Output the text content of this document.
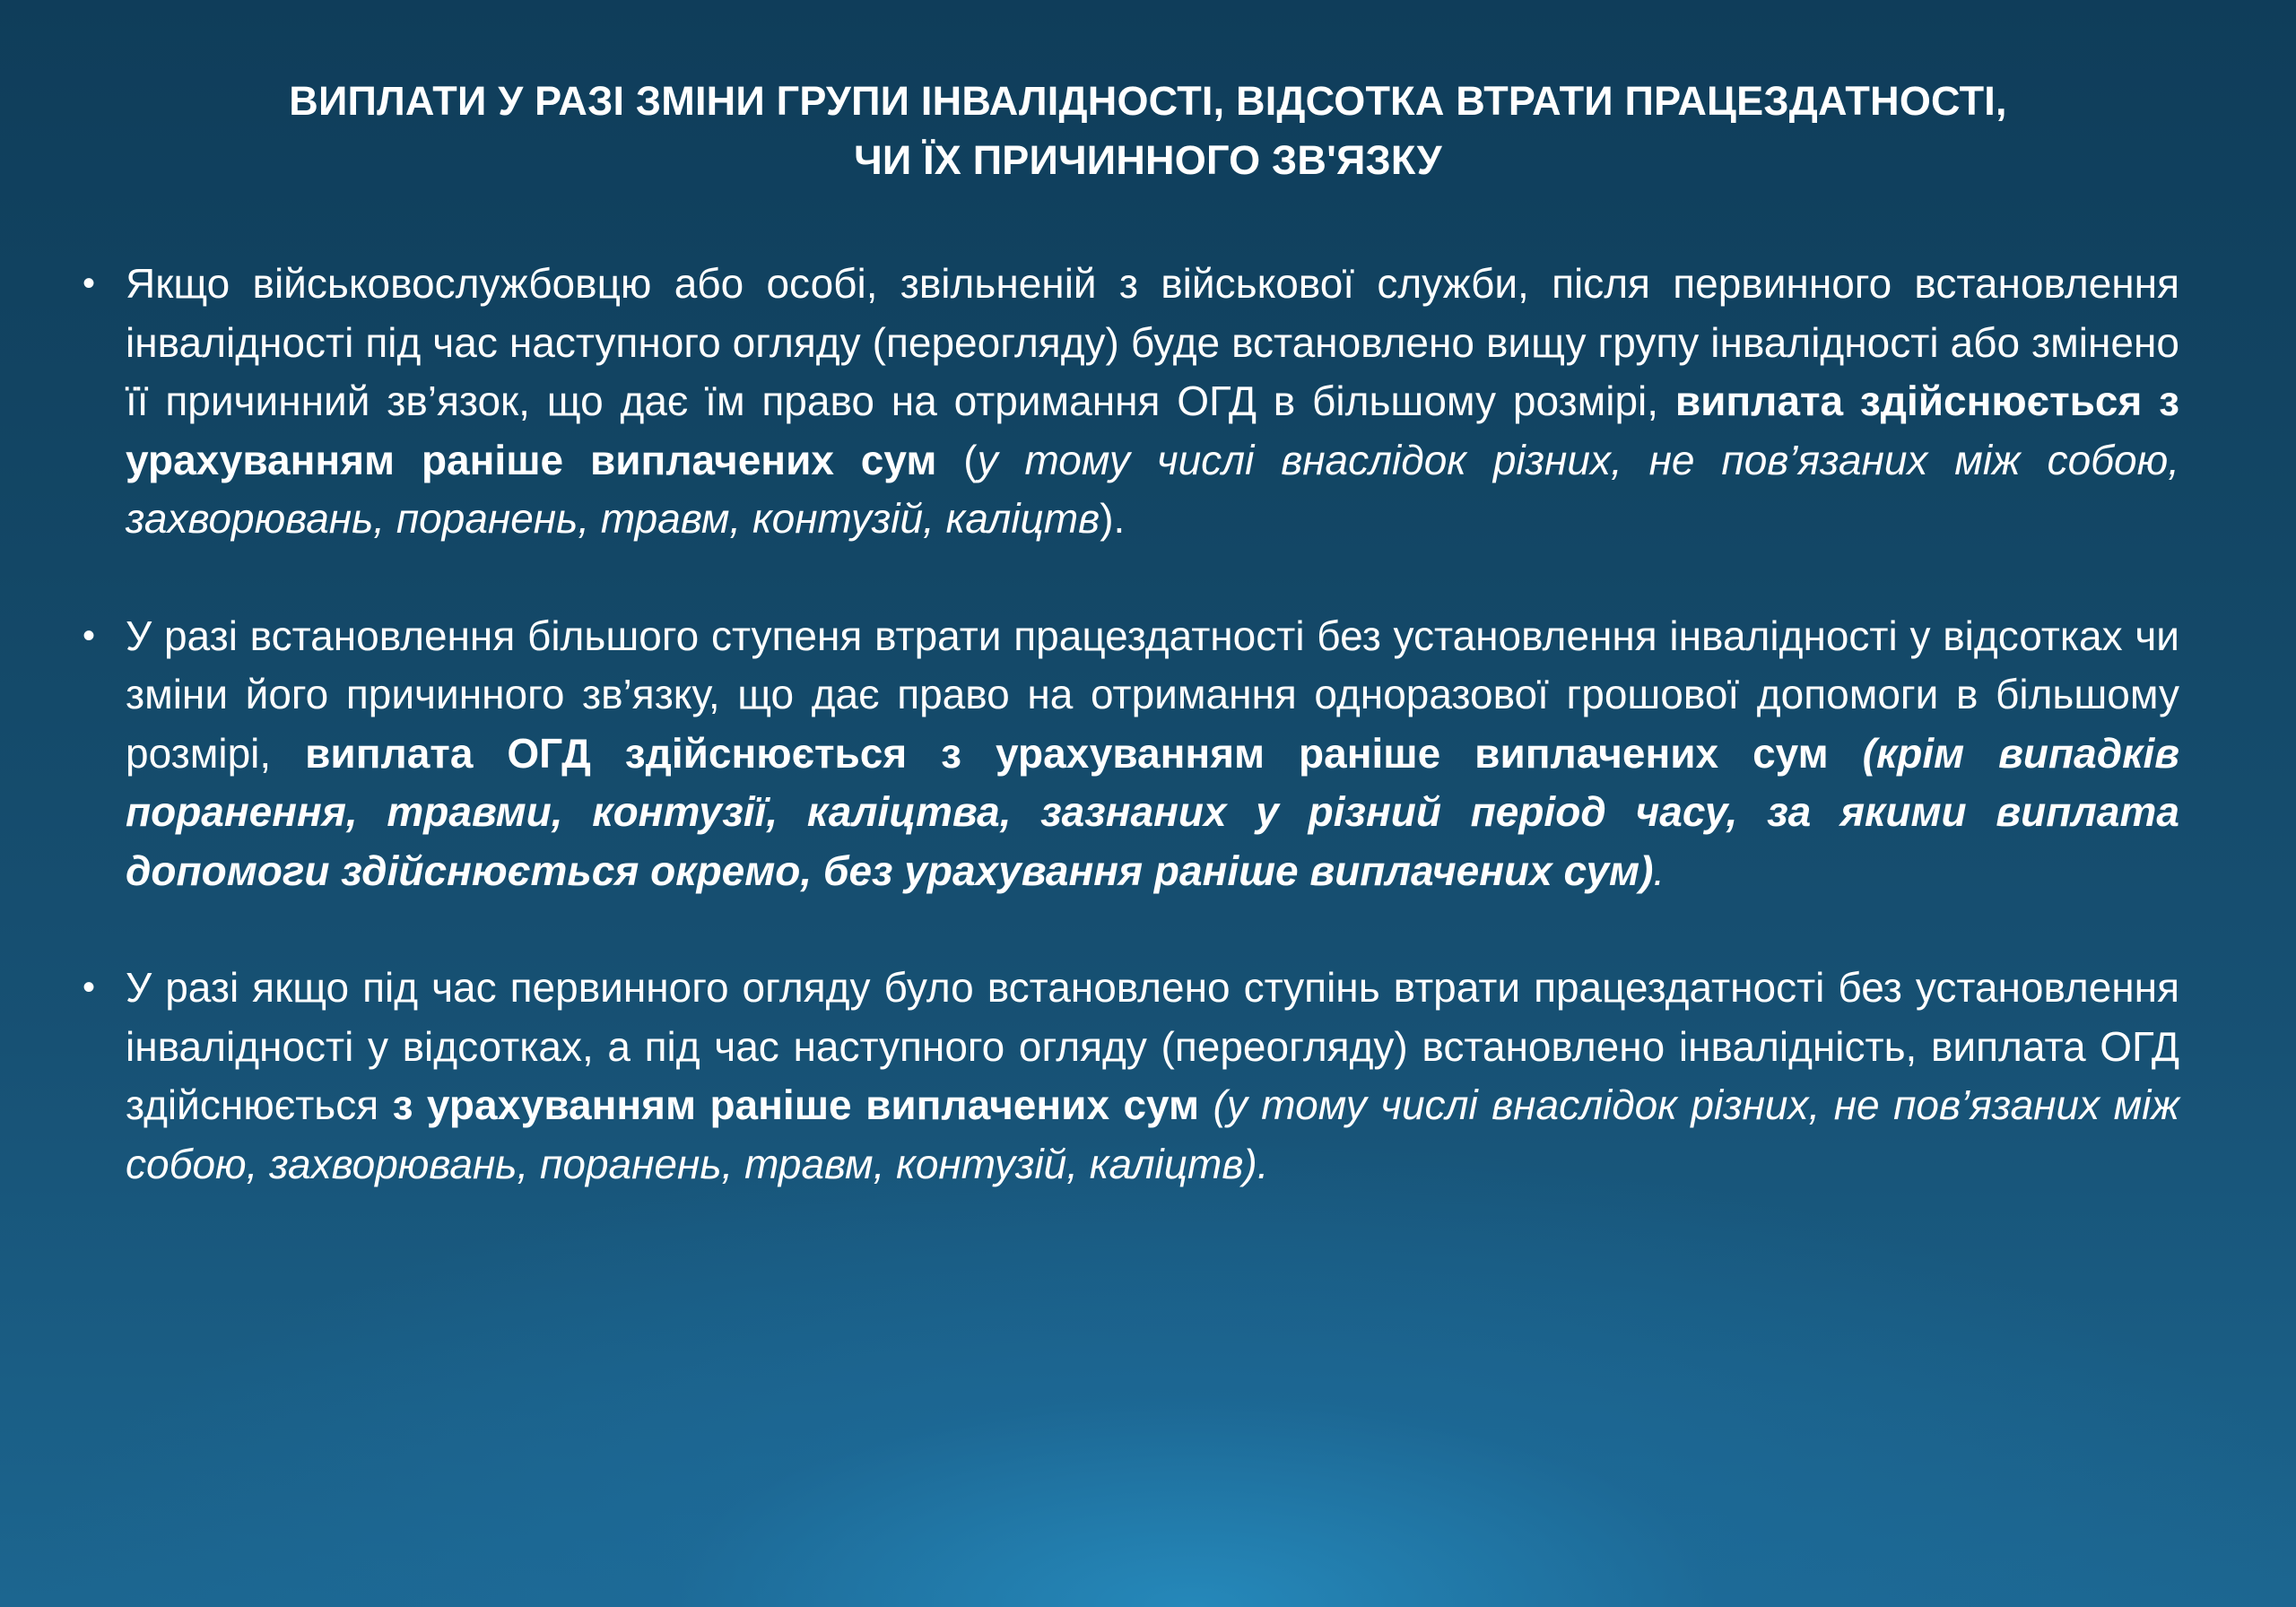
ВИПЛАТИ У РАЗІ ЗМІНИ ГРУПИ ІНВАЛІДНОСТІ, ВІДСОТКА ВТРАТИ ПРАЦЕЗДАТНОСТІ,
ЧИ ЇХ ПРИЧИННОГО ЗВ'ЯЗКУ
• Якщо військовослужбовцю або особі, звільненій з військової служби, після первинного встановлення інвалідності під час наступного огляду (переогляду) буде встановлено вищу групу інвалідності або змінено її причинний зв’язок, що дає їм право на отримання ОГД в більшому розмірі, виплата здійснюється з урахуванням раніше виплачених сум (у тому числі внаслідок різних, не пов’язаних між собою, захворювань, поранень, травм, контузій, каліцтв).
• У разі встановлення більшого ступеня втрати працездатності без установлення інвалідності у відсотках чи зміни його причинного зв’язку, що дає право на отримання одноразової грошової допомоги в більшому розмірі, виплата ОГД здійснюється з урахуванням раніше виплачених сум (крім випадків поранення, травми, контузії, каліцтва, зазнаних у різний період часу, за якими виплата допомоги здійснюється окремо, без урахування раніше виплачених сум).
• У разі якщо під час первинного огляду було встановлено ступінь втрати працездатності без установлення інвалідності у відсотках, а під час наступного огляду (переогляду) встановлено інвалідність, виплата ОГД здійснюється з урахуванням раніше виплачених сум (у тому числі внаслідок різних, не пов’язаних між собою, захворювань, поранень, травм, контузій, каліцтв).
